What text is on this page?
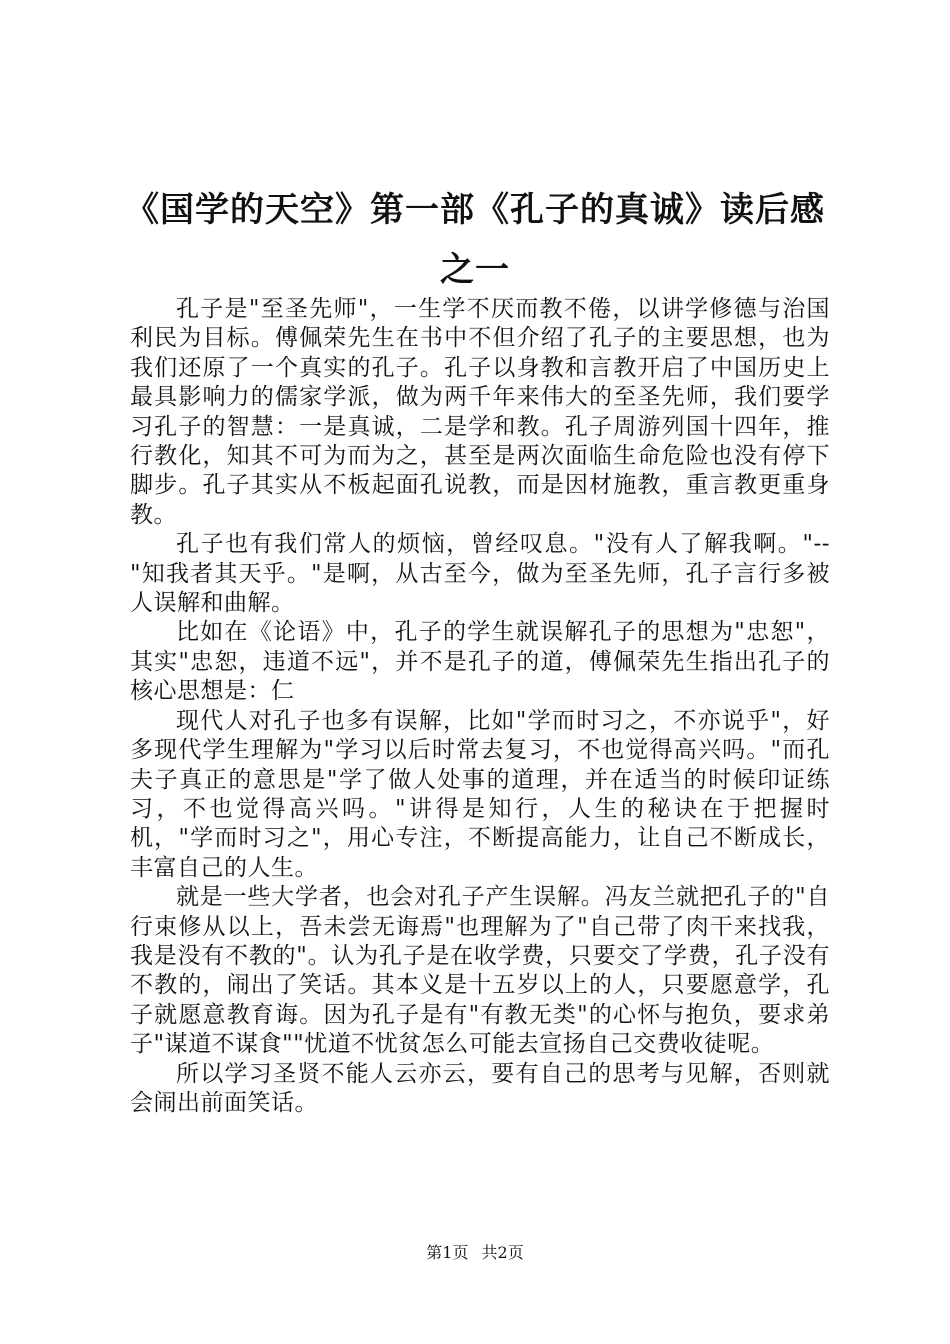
《国学的天空》第一部《孔子的真诚》读后感
之一

孔子是"至圣先师"，一生学不厌而教不倦，以讲学修德与治国利民为目标。傅佩荣先生在书中不但介绍了孔子的主要思想，也为我们还原了一个真实的孔子。孔子以身教和言教开启了中国历史上最具影响力的儒家学派，做为两千年来伟大的至圣先师，我们要学习孔子的智慧：一是真诚，二是学和教。孔子周游列国十四年，推行教化，知其不可为而为之，甚至是两次面临生命危险也没有停下脚步。孔子其实从不板起面孔说教，而是因材施教，重言教更重身教。

孔子也有我们常人的烦恼，曾经叹息。"没有人了解我啊。"--"知我者其天乎。"是啊，从古至今，做为至圣先师，孔子言行多被人误解和曲解。

比如在《论语》中，孔子的学生就误解孔子的思想为"忠恕"，其实"忠恕，违道不远"，并不是孔子的道，傅佩荣先生指出孔子的核心思想是：仁

现代人对孔子也多有误解，比如"学而时习之，不亦说乎"，好多现代学生理解为"学习以后时常去复习，不也觉得高兴吗。"而孔夫子真正的意思是"学了做人处事的道理，并在适当的时候印证练习，不也觉得高兴吗。"讲得是知行，人生的秘诀在于把握时机，"学而时习之"，用心专注，不断提高能力，让自己不断成长，丰富自己的人生。

就是一些大学者，也会对孔子产生误解。冯友兰就把孔子的"自行束修从以上，吾未尝无诲焉"也理解为了"自己带了肉干来找我，我是没有不教的"。认为孔子是在收学费，只要交了学费，孔子没有不教的，闹出了笑话。其本义是十五岁以上的人，只要愿意学，孔子就愿意教育诲。因为孔子是有"有教无类"的心怀与抱负，要求弟子"谋道不谋食""忧道不忧贫怎么可能去宣扬自己交费收徒呢。

所以学习圣贤不能人云亦云，要有自己的思考与见解，否则就会闹出前面笑话。

第1页 共2页
